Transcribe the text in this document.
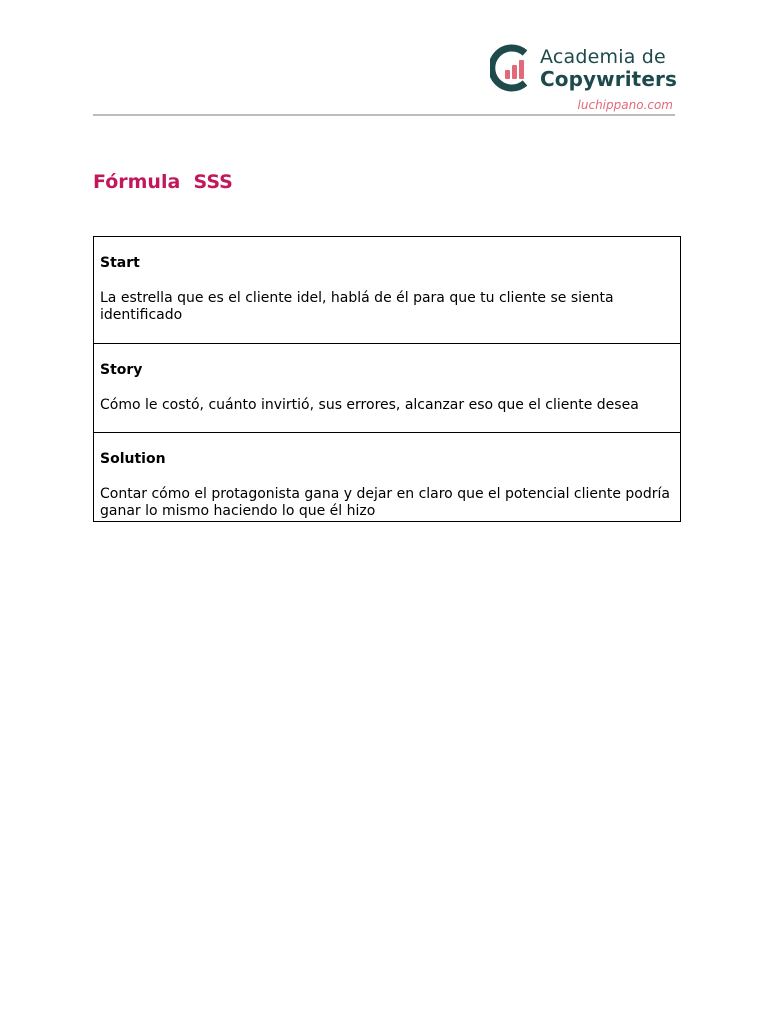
Academia de
Copywriters
luchippano.com
Fórmula  SSS
Start
La estrella que es el cliente idel, hablá de él para que tu cliente se sienta identificado

Story
Cómo le costó, cuánto invirtió, sus errores, alcanzar eso que el cliente desea

Solution
Contar cómo el protagonista gana y dejar en claro que el potencial cliente podría ganar lo mismo haciendo lo que él hizo
